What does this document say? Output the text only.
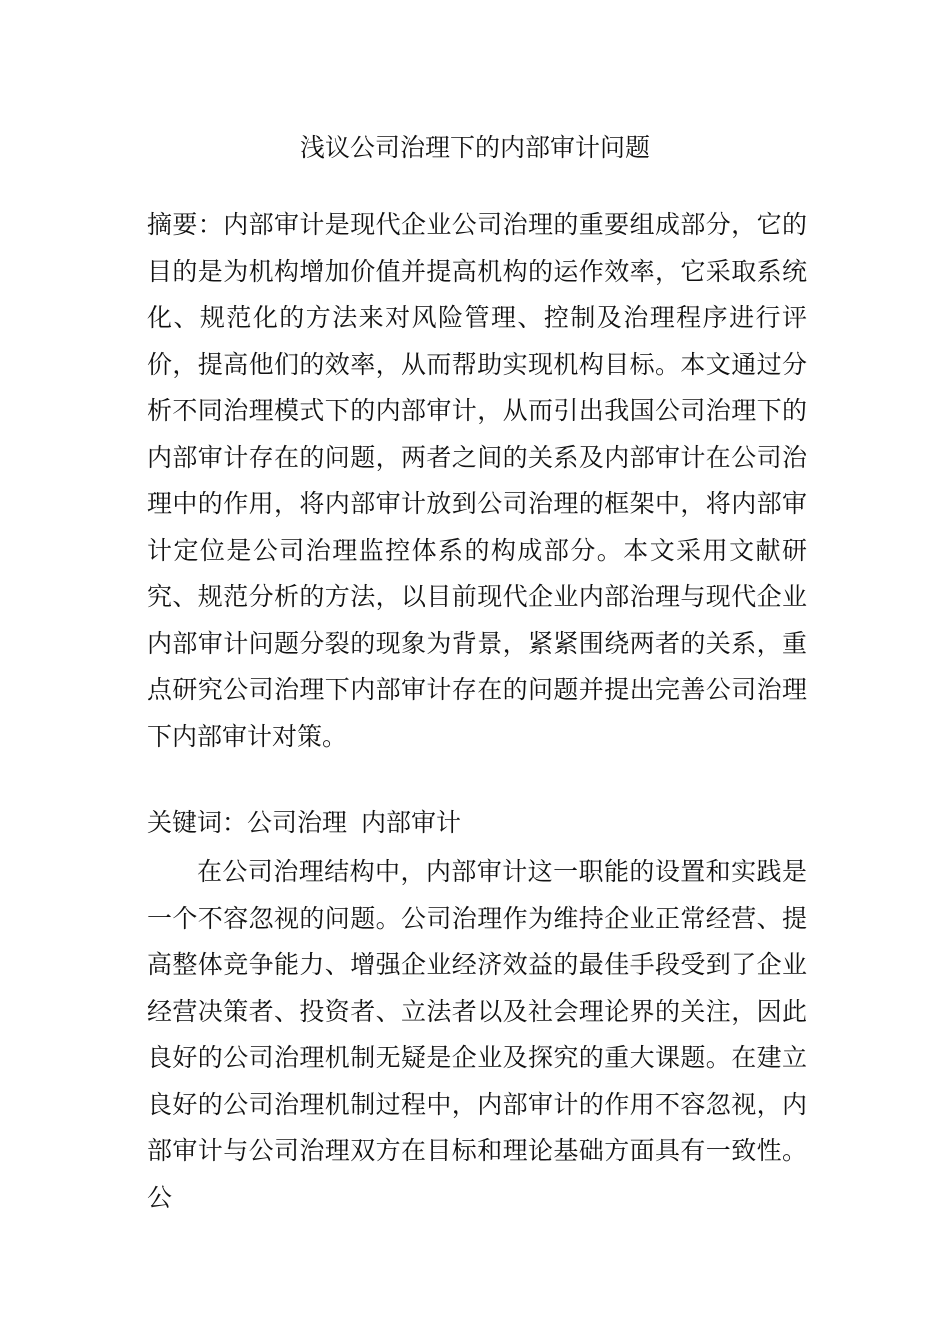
浅议公司治理下的内部审计问题
摘要：内部审计是现代企业公司治理的重要组成部分，它的目的是为机构增加价值并提高机构的运作效率，它采取系统化、规范化的方法来对风险管理、控制及治理程序进行评价，提高他们的效率，从而帮助实现机构目标。本文通过分析不同治理模式下的内部审计，从而引出我国公司治理下的内部审计存在的问题，两者之间的关系及内部审计在公司治理中的作用，将内部审计放到公司治理的框架中，将内部审计定位是公司治理监控体系的构成部分。本文采用文献研究、规范分析的方法，以目前现代企业内部治理与现代企业内部审计问题分裂的现象为背景，紧紧围绕两者的关系，重点研究公司治理下内部审计存在的问题并提出完善公司治理下内部审计对策。
关键词：公司治理 内部审计
在公司治理结构中，内部审计这一职能的设置和实践是一个不容忽视的问题。公司治理作为维持企业正常经营、提高整体竞争能力、增强企业经济效益的最佳手段受到了企业经营决策者、投资者、立法者以及社会理论界的关注，因此良好的公司治理机制无疑是企业及探究的重大课题。在建立良好的公司治理机制过程中，内部审计的作用不容忽视，内部审计与公司治理双方在目标和理论基础方面具有一致性。公
